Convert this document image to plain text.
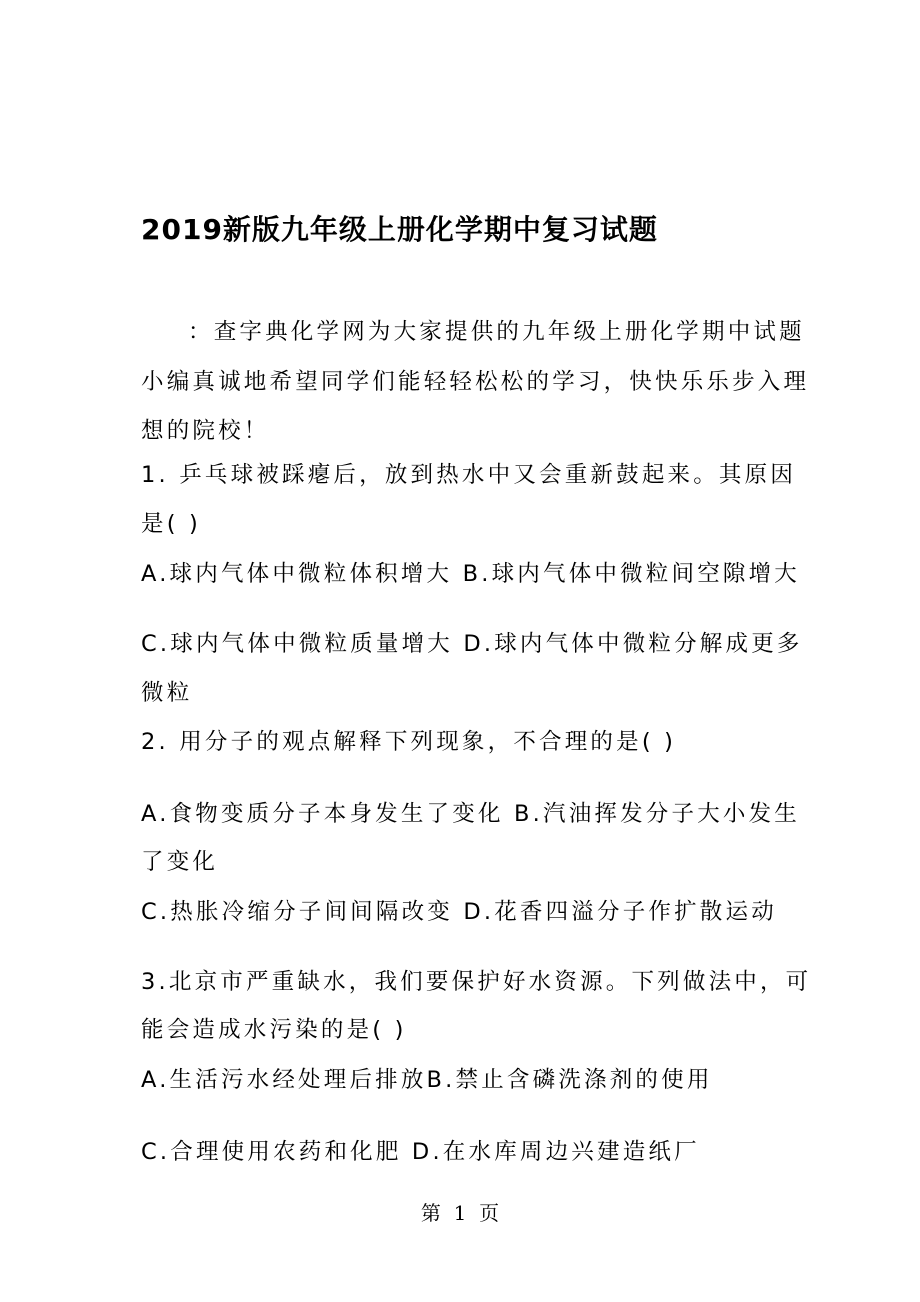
2019新版九年级上册化学期中复习试题
：查字典化学网为大家提供的九年级上册化学期中试题
小编真诚地希望同学们能轻轻松松的学习，快快乐乐步入理
想的院校！
1. 乒乓球被踩瘪后，放到热水中又会重新鼓起来。其原因
是( )
A.球内气体中微粒体积增大 B.球内气体中微粒间空隙增大
C.球内气体中微粒质量增大 D.球内气体中微粒分解成更多
微粒
2. 用分子的观点解释下列现象，不合理的是( )
A.食物变质分子本身发生了变化 B.汽油挥发分子大小发生
了变化
C.热胀冷缩分子间间隔改变 D.花香四溢分子作扩散运动
3.北京市严重缺水，我们要保护好水资源。下列做法中，可
能会造成水污染的是( )
A.生活污水经处理后排放B.禁止含磷洗涤剂的使用
C.合理使用农药和化肥 D.在水库周边兴建造纸厂
第  1  页
